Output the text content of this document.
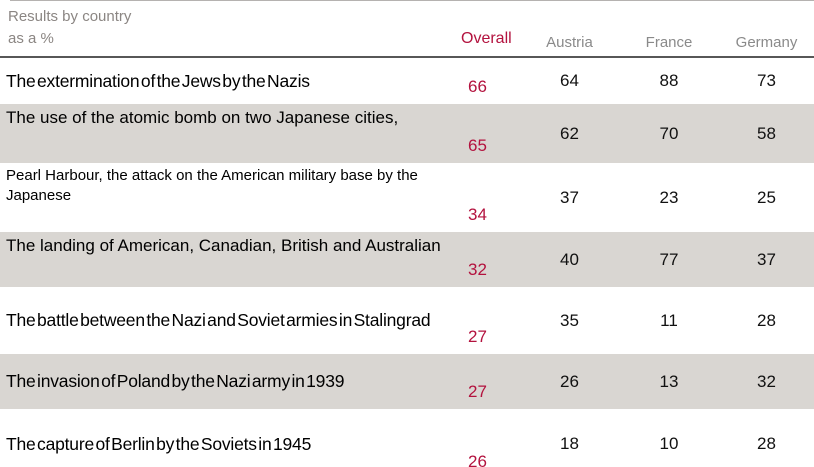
Results by country
as a %	Overall	Austria	France	Germany
The extermination of the Jews by the Nazis	66	64	88	73
The use of the atomic bomb on two Japanese cities,	65	62	70	58
Pearl Harbour, the attack on the American military base by the Japanese	34	37	23	25
The landing of American, Canadian, British and Australian	32	40	77	37
The battle between the Nazi and Soviet armies in Stalingrad	27	35	11	28
The invasion of Poland by the Nazi army in 1939	27	26	13	32
The capture of Berlin by the Soviets in 1945	26	18	10	28
